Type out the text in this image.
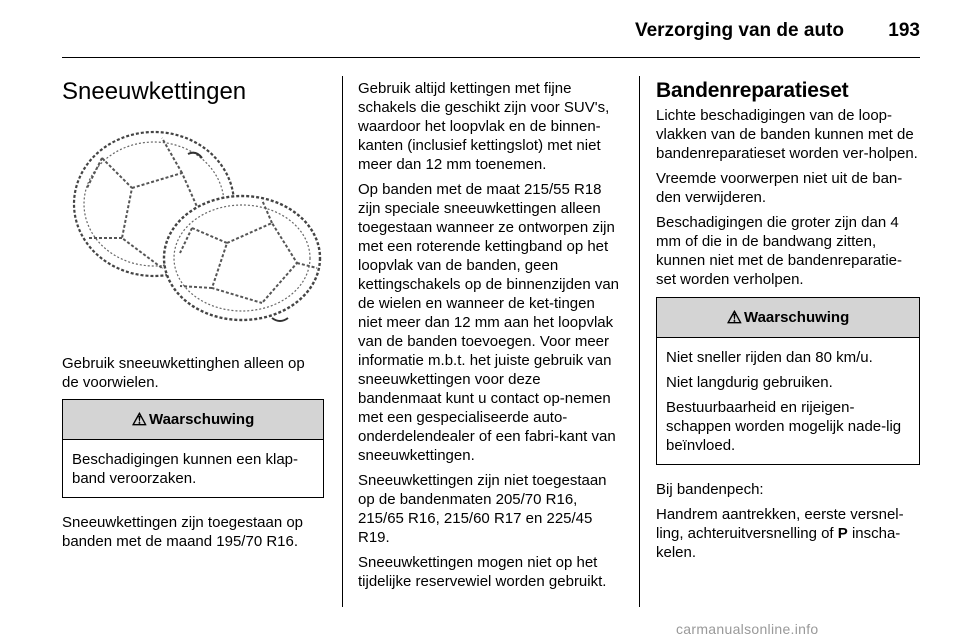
Verzorging van de auto 193
Sneeuwkettingen

Gebruik sneeuwkettinghen alleen op de voorwielen.

⚠ Waarschuwing

Beschadigingen kunnen een klap-band veroorzaken.

Sneeuwkettingen zijn toegestaan op banden met de maand 195/70 R16.

Gebruik altijd kettingen met fijne schakels die geschikt zijn voor SUV's, waardoor het loopvlak en de binnen-kanten (inclusief kettingslot) met niet meer dan 12 mm toenemen.

Op banden met de maat 215/55 R18 zijn speciale sneeuwkettingen alleen toegestaan wanneer ze ontworpen zijn met een roterende kettingband op het loopvlak van de banden, geen kettingschakels op de binnenzijden van de wielen en wanneer de ket-tingen niet meer dan 12 mm aan het loopvlak van de banden toevoegen. Voor meer informatie m.b.t. het juiste gebruik van sneeuwkettingen voor deze bandenmaat kunt u contact op-nemen met een gespecialiseerde auto-onderdelendealer of een fabri-kant van sneeuwkettingen.

Sneeuwkettingen zijn niet toegestaan op de bandenmaten 205/70 R16, 215/65 R16, 215/60 R17 en 225/45 R19.

Sneeuwkettingen mogen niet op het tijdelijke reservewiel worden gebruikt.

Bandenreparatieset

Lichte beschadigingen van de loop-vlakken van de banden kunnen met de bandenreparatieset worden ver-holpen.

Vreemde voorwerpen niet uit de ban-den verwijderen.

Beschadigingen die groter zijn dan 4 mm of die in de bandwang zitten, kunnen niet met de bandenreparatie-set worden verholpen.

⚠ Waarschuwing

Niet sneller rijden dan 80 km/u.

Niet langdurig gebruiken.

Bestuurbaarheid en rijeigen-schappen worden mogelijk nade-lig beïnvloed.

Bij bandenpech:

Handrem aantrekken, eerste versnel-ling, achteruitversnelling of P inscha-kelen.

carmanualsonline.info
